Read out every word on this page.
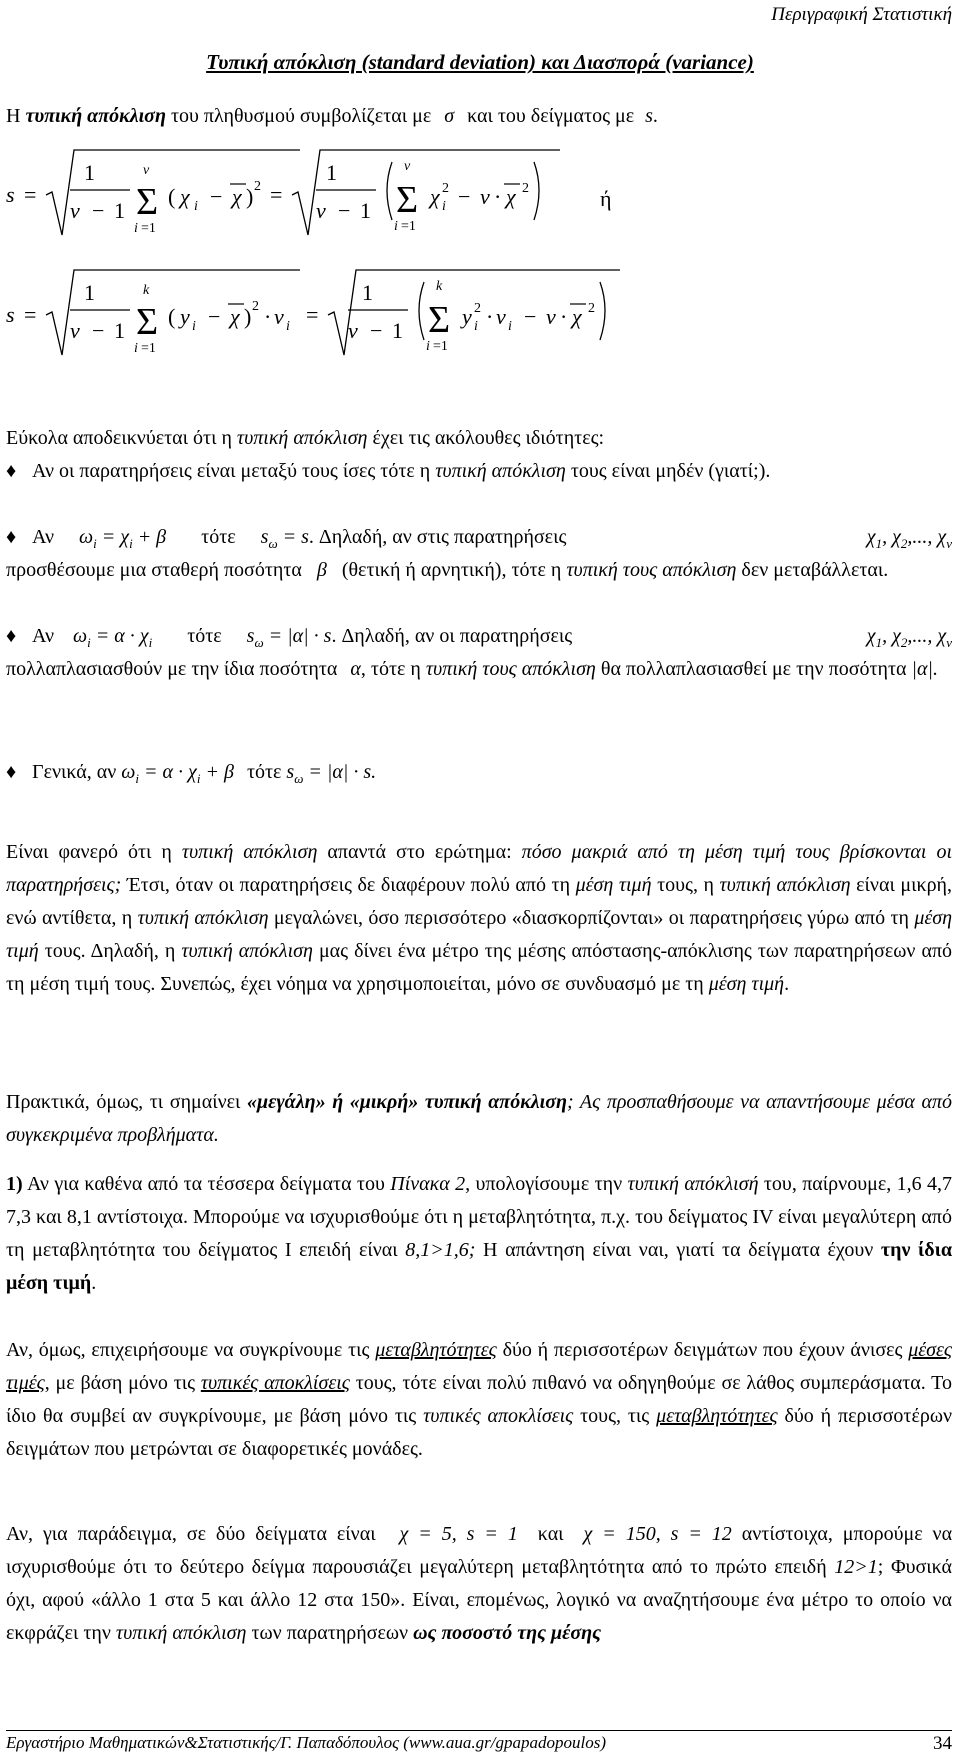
Περιγραφική Στατιστική
Τυπική απόκλιση (standard deviation) και Διασπορά (variance)
Η τυπική απόκλιση του πληθυσμού συμβολίζεται με σ και του δείγματος με s.
s =
1
ν − 1
ν
Σ
i =1
( χ i − χ ) 2 =
1
ν − 1
ν
Σ
i =1
χ 2
i − ν · χ 2
s =
1
ν − 1
k
Σ
i =1
( y i − χ ) 2 · ν i =
1
ν − 1
k
Σ
i =1
y 2
i · ν i − ν · χ 2
ή
Εύκολα αποδεικνύεται ότι η τυπική απόκλιση έχει τις ακόλουθες ιδιότητες:
♦ Αν οι παρατηρήσεις είναι μεταξύ τους ίσες τότε η τυπική απόκλιση τους είναι μηδέν (γιατί;).
♦ Αν $\omega_i = \chi_i + \beta$ τότε $s_\omega = s$. Δηλαδή, αν στις παρατηρήσεις	$\chi_1$, $\chi_2$,..., $\chi_\nu$
προσθέσουμε μια σταθερή ποσότητα β (θετική ή αρνητική), τότε η τυπική τους απόκλιση δεν μεταβάλλεται.
♦ Αν $\omega_i = \alpha \cdot \chi_i$ τότε $s_\omega = |\alpha| \cdot s$. Δηλαδή, αν οι παρατηρήσεις	$\chi_1$, $\chi_2$,..., $\chi_\nu$
πολλαπλασιασθούν με την ίδια ποσότητα α, τότε η τυπική τους απόκλιση θα πολλαπλασιασθεί με την ποσότητα |α|.
♦ Γενικά, αν $\omega_i = \alpha \cdot \chi_i + \beta$ τότε $s_\omega = |\alpha| \cdot s$.
Είναι φανερό ότι η τυπική απόκλιση απαντά στο ερώτημα: πόσο μακριά από τη μέση τιμή τους βρίσκονται οι παρατηρήσεις; Έτσι, όταν οι παρατηρήσεις δε διαφέρουν πολύ από τη μέση τιμή τους, η τυπική απόκλιση είναι μικρή, ενώ αντίθετα, η τυπική απόκλιση μεγαλώνει, όσο περισσότερο «διασκορπίζονται» οι παρατηρήσεις γύρω από τη μέση τιμή τους. Δηλαδή, η τυπική απόκλιση μας δίνει ένα μέτρο της μέσης απόστασης-απόκλισης των παρατηρήσεων από τη μέση τιμή τους. Συνεπώς, έχει νόημα να χρησιμοποιείται, μόνο σε συνδυασμό με τη μέση τιμή.
Πρακτικά, όμως, τι σημαίνει «μεγάλη» ή «μικρή» τυπική απόκλιση; Ας προσπαθήσουμε να απαντήσουμε μέσα από συγκεκριμένα προβλήματα.
1) Αν για καθένα από τα τέσσερα δείγματα του Πίνακα 2, υπολογίσουμε την τυπική απόκλισή του, παίρνουμε, 1,6 4,7 7,3 και 8,1 αντίστοιχα. Μπορούμε να ισχυρισθούμε ότι η μεταβλητότητα, π.χ. του δείγματος IV είναι μεγαλύτερη από τη μεταβλητότητα του δείγματος I επειδή είναι 8,1>1,6; Η απάντηση είναι ναι, γιατί τα δείγματα έχουν την ίδια μέση τιμή.
Αν, όμως, επιχειρήσουμε να συγκρίνουμε τις μεταβλητότητες δύο ή περισσοτέρων δειγμάτων που έχουν άνισες μέσες τιμές, με βάση μόνο τις τυπικές αποκλίσεις τους, τότε είναι πολύ πιθανό να οδηγηθούμε σε λάθος συμπεράσματα. Το ίδιο θα συμβεί αν συγκρίνουμε, με βάση μόνο τις τυπικές αποκλίσεις τους, τις μεταβλητότητες δύο ή περισσοτέρων δειγμάτων που μετρώνται σε διαφορετικές μονάδες.
Αν, για παράδειγμα, σε δύο δείγματα είναι χ = 5, s = 1 και χ = 150, s = 12 αντίστοιχα, μπορούμε να ισχυρισθούμε ότι το δεύτερο δείγμα παρουσιάζει μεγαλύτερη μεταβλητότητα από το πρώτο επειδή 12>1; Φυσικά όχι, αφού «άλλο 1 στα 5 και άλλο 12 στα 150». Είναι, επομένως, λογικό να αναζητήσουμε ένα μέτρο το οποίο να εκφράζει την τυπική απόκλιση των παρατηρήσεων ως ποσοστό της μέσης
Εργαστήριο Μαθηματικών&Στατιστικής/Γ. Παπαδόπουλος (www.aua.gr/gpapadopoulos)	34
